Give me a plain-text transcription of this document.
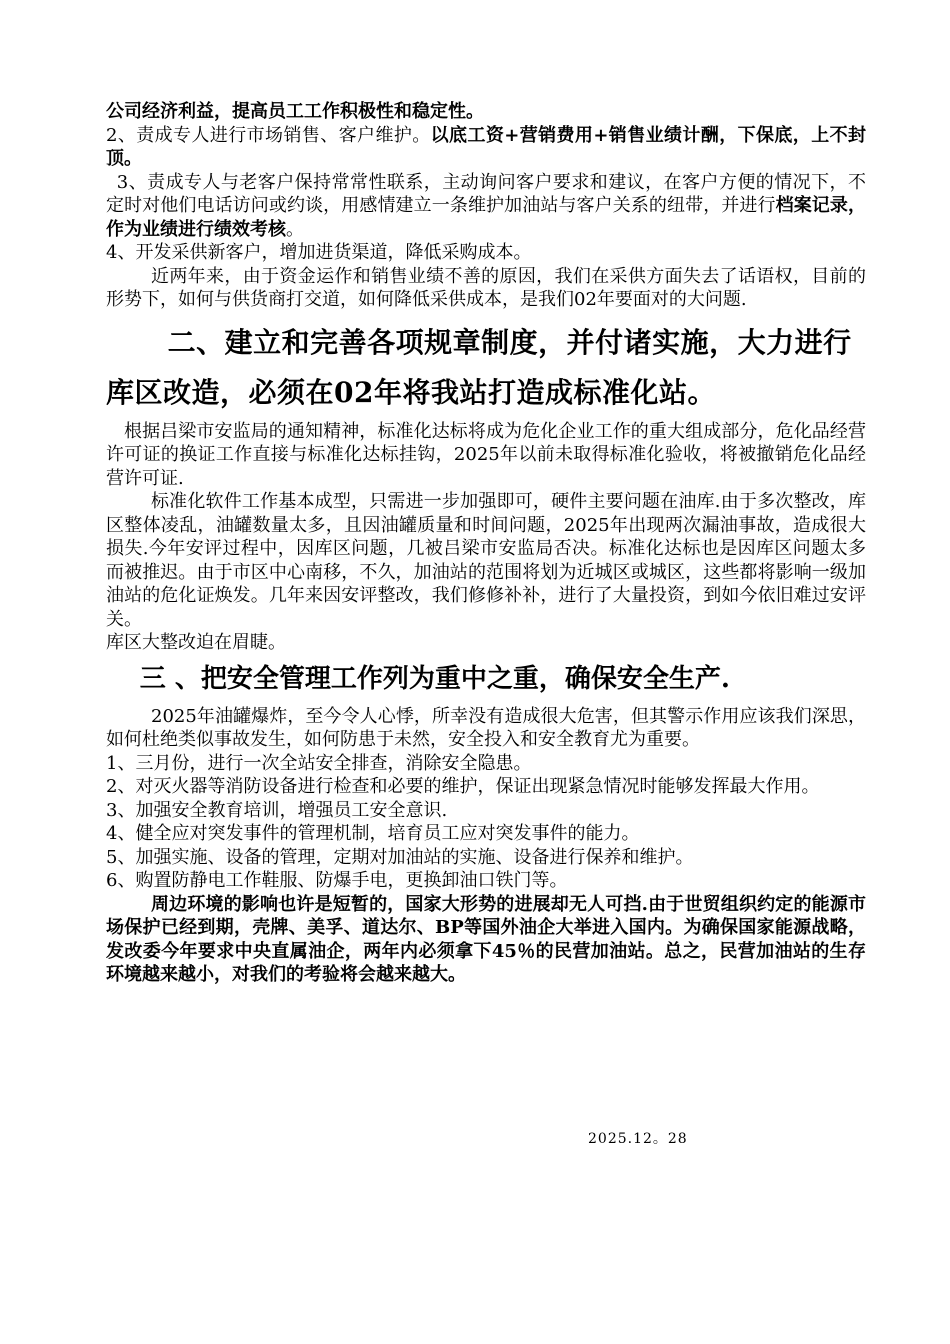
公司经济利益，提高员工工作积极性和稳定性。

2、责成专人进行市场销售、客户维护。以底工资+营销费用+销售业绩计酬，下保底，上不封顶。

3、责成专人与老客户保持常常性联系，主动询问客户要求和建议，在客户方便的情况下，不定时对他们电话访问或约谈，用感情建立一条维护加油站与客户关系的纽带，并进行档案记录，作为业绩进行绩效考核。

4、开发采供新客户，增加进货渠道，降低采购成本。

近两年来，由于资金运作和销售业绩不善的原因，我们在采供方面失去了话语权，目前的形势下，如何与供货商打交道，如何降低采供成本，是我们02年要面对的大问题.

二、建立和完善各项规章制度，并付诸实施，大力进行
库区改造，必须在02年将我站打造成标准化站。

根据吕梁市安监局的通知精神，标准化达标将成为危化企业工作的重大组成部分，危化品经营许可证的换证工作直接与标准化达标挂钩，2025年以前未取得标准化验收，将被撤销危化品经营许可证.

标准化软件工作基本成型，只需进一步加强即可，硬件主要问题在油库.由于多次整改，库区整体凌乱，油罐数量太多，且因油罐质量和时间问题，2025年出现两次漏油事故，造成很大损失.今年安评过程中，因库区问题，几被吕梁市安监局否决。标准化达标也是因库区问题太多而被推迟。由于市区中心南移，不久，加油站的范围将划为近城区或城区，这些都将影响一级加油站的危化证焕发。几年来因安评整改，我们修修补补，进行了大量投资，到如今依旧难过安评关。

库区大整改迫在眉睫。

三 、把安全管理工作列为重中之重，确保安全生产.

2025年油罐爆炸，至今令人心悸，所幸没有造成很大危害，但其警示作用应该我们深思，如何杜绝类似事故发生，如何防患于未然，安全投入和安全教育尤为重要。

1、三月份，进行一次全站安全排查，消除安全隐患。

2、对灭火器等消防设备进行检查和必要的维护，保证出现紧急情况时能够发挥最大作用。

3、加强安全教育培训，增强员工安全意识.

4、健全应对突发事件的管理机制，培育员工应对突发事件的能力。

5、加强实施、设备的管理，定期对加油站的实施、设备进行保养和维护。

6、购置防静电工作鞋服、防爆手电，更换卸油口铁门等。

周边环境的影响也许是短暂的，国家大形势的进展却无人可挡.由于世贸组织约定的能源市场保护已经到期，壳牌、美孚、道达尔、BP等国外油企大举进入国内。为确保国家能源战略，发改委今年要求中央直属油企，两年内必须拿下45％的民营加油站。总之，民营加油站的生存环境越来越小，对我们的考验将会越来越大。

2025.12。28
